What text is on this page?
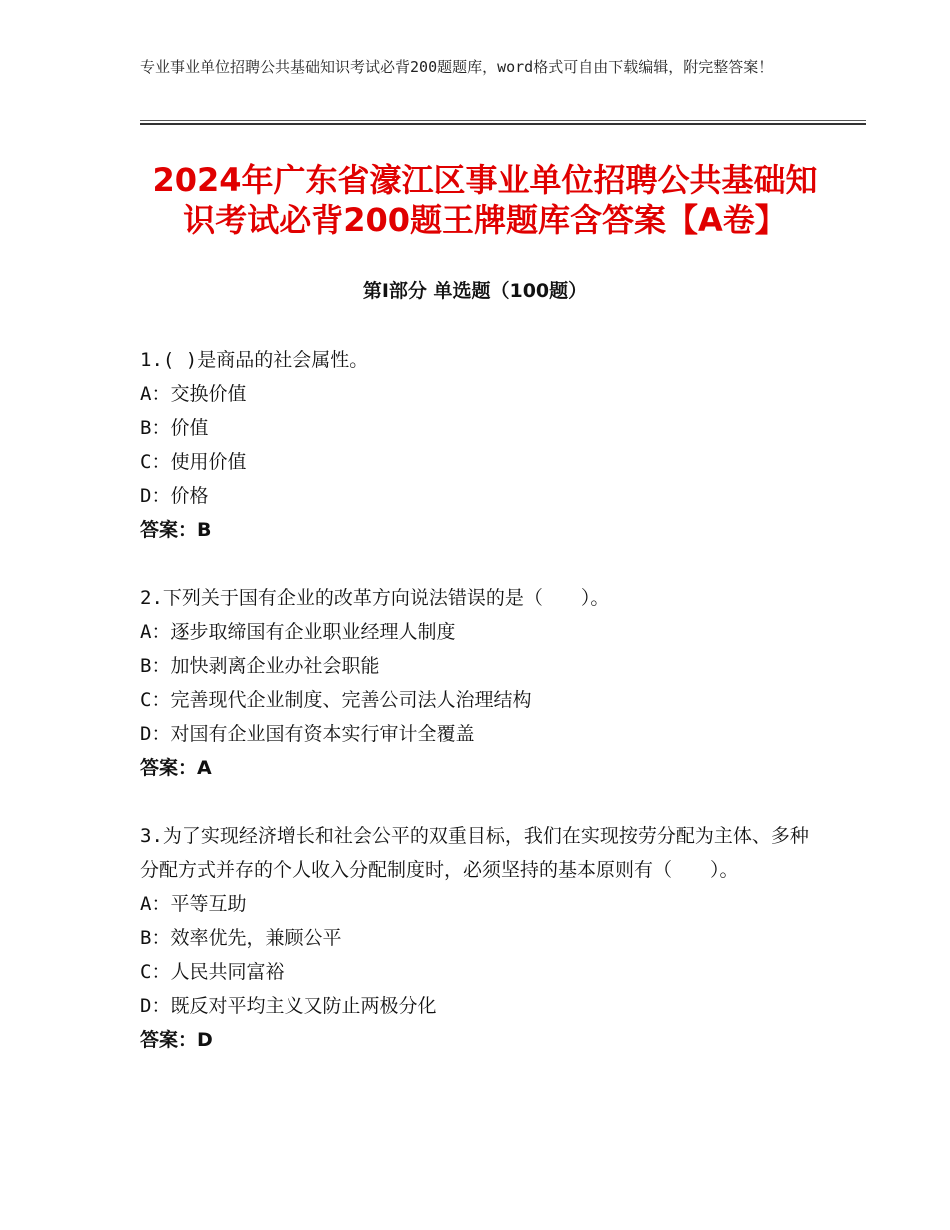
专业事业单位招聘公共基础知识考试必背200题题库，word格式可自由下载编辑，附完整答案！
2024年广东省濠江区事业单位招聘公共基础知识考试必背200题王牌题库含答案【A卷】
第Ⅰ部分 单选题（100题）
1.( )是商品的社会属性。
A：交换价值
B：价值
C：使用价值
D：价格
答案：B
2.下列关于国有企业的改革方向说法错误的是（　　）。
A：逐步取缔国有企业职业经理人制度
B：加快剥离企业办社会职能
C：完善现代企业制度、完善公司法人治理结构
D：对国有企业国有资本实行审计全覆盖
答案：A
3.为了实现经济增长和社会公平的双重目标，我们在实现按劳分配为主体、多种分配方式并存的个人收入分配制度时，必须坚持的基本原则有（　　）。
A：平等互助
B：效率优先，兼顾公平
C：人民共同富裕
D：既反对平均主义又防止两极分化
答案：D
